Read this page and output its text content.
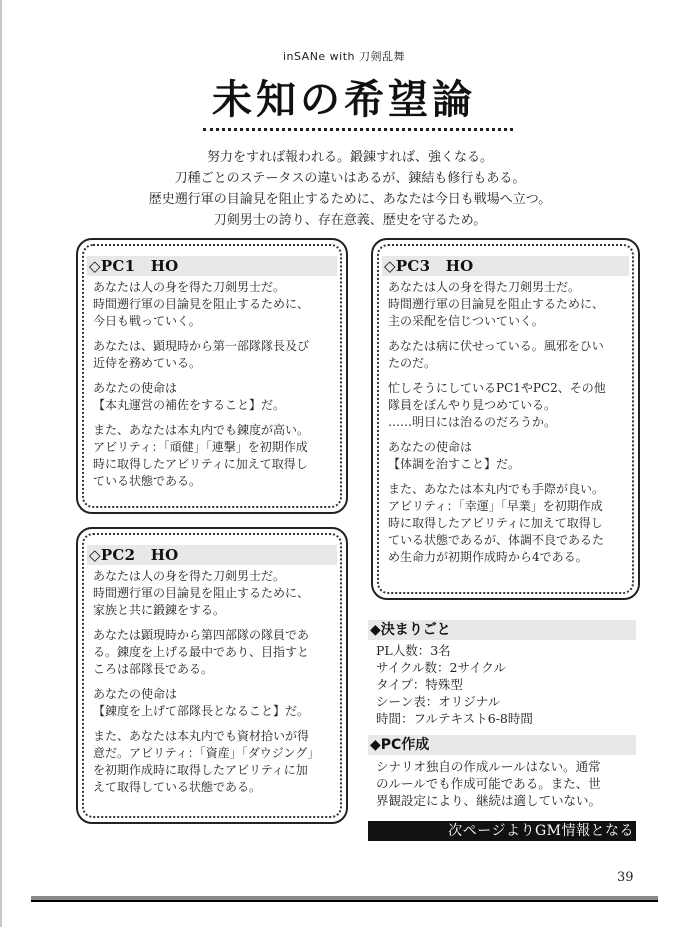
inSANe with 刀剣乱舞
未知の希望論
努力をすれば報われる。鍛錬すれば、強くなる。
刀種ごとのステータスの違いはあるが、錬結も修行もある。
歴史遡行軍の目論見を阻止するために、あなたは今日も戦場へ立つ。
刀剣男士の誇り、存在意義、歴史を守るため。
◇PC1　HO
あなたは人の身を得た刀剣男士だ。
時間遡行軍の目論見を阻止するために、
今日も戦っていく。
あなたは、顕現時から第一部隊隊長及び
近侍を務めている。
あなたの使命は
【本丸運営の補佐をすること】だ。
また、あなたは本丸内でも錬度が高い。
アビリティ：「頑健」「連撃」を初期作成
時に取得したアビリティに加えて取得し
ている状態である。
◇PC2　HO
あなたは人の身を得た刀剣男士だ。
時間遡行軍の目論見を阻止するために、
家族と共に鍛錬をする。
あなたは顕現時から第四部隊の隊員であ
る。錬度を上げる最中であり、目指すと
ころは部隊長である。
あなたの使命は
【錬度を上げて部隊長となること】だ。
また、あなたは本丸内でも資材拾いが得
意だ。アビリティ：「資産」「ダウジング」
を初期作成時に取得したアビリティに加
えて取得している状態である。
◇PC3　HO
あなたは人の身を得た刀剣男士だ。
時間遡行軍の目論見を阻止するために、
主の采配を信じついていく。
あなたは病に伏せっている。風邪をひい
たのだ。
忙しそうにしているPC1やPC2、その他
隊員をぼんやり見つめている。
……明日には治るのだろうか。
あなたの使命は
【体調を治すこと】だ。
また、あなたは本丸内でも手際が良い。
アビリティ：「幸運」「早業」を初期作成
時に取得したアビリティに加えて取得し
ている状態であるが、体調不良であるた
め生命力が初期作成時から4である。
◆決まりごと
PL人数：3名
サイクル数：2サイクル
タイプ：特殊型
シーン表：オリジナル
時間：フルテキスト6-8時間
◆PC作成
シナリオ独自の作成ルールはない。通常
のルールでも作成可能である。また、世
界観設定により、継続は適していない。
次ページよりGM情報となる
39
